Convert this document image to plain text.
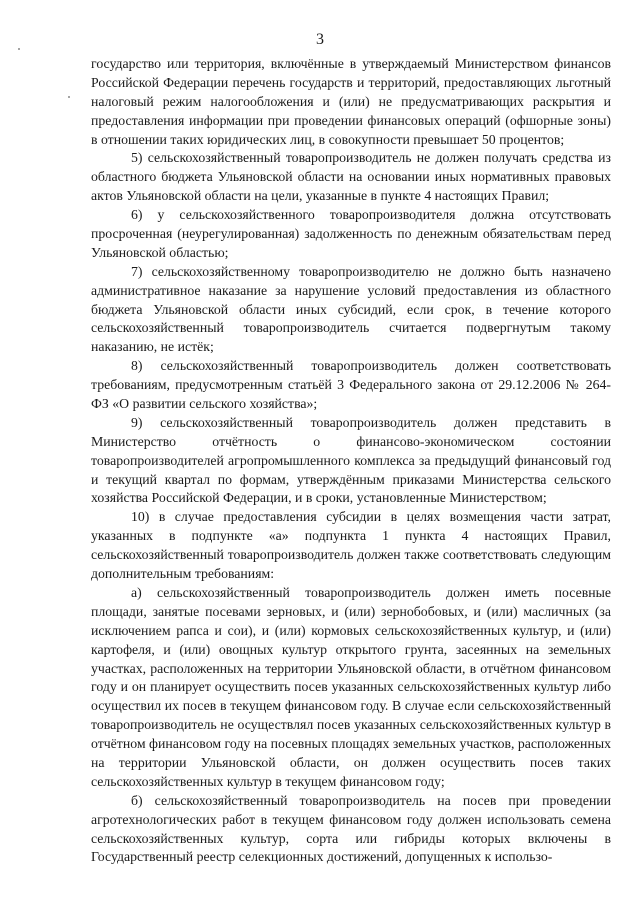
3

государство или территория, включённые в утверждаемый Министерством финансов Российской Федерации перечень государств и территорий, предоставляющих льготный налоговый режим налогообложения и (или) не предусматривающих раскрытия и предоставления информации при проведении финансовых операций (офшорные зоны) в отношении таких юридических лиц, в совокупности превышает 50 процентов;

5) сельскохозяйственный товаропроизводитель не должен получать средства из областного бюджета Ульяновской области на основании иных нормативных правовых актов Ульяновской области на цели, указанные в пункте 4 настоящих Правил;

6) у сельскохозяйственного товаропроизводителя должна отсутствовать просроченная (неурегулированная) задолженность по денежным обязательствам перед Ульяновской областью;

7) сельскохозяйственному товаропроизводителю не должно быть назначено административное наказание за нарушение условий предоставления из областного бюджета Ульяновской области иных субсидий, если срок, в течение которого сельскохозяйственный товаропроизводитель считается подвергнутым такому наказанию, не истёк;

8) сельскохозяйственный товаропроизводитель должен соответствовать требованиям, предусмотренным статьёй 3 Федерального закона от 29.12.2006 № 264-ФЗ «О развитии сельского хозяйства»;

9) сельскохозяйственный товаропроизводитель должен представить в Министерство отчётность о финансово-экономическом состоянии товаропроизводителей агропромышленного комплекса за предыдущий финансовый год и текущий квартал по формам, утверждённым приказами Министерства сельского хозяйства Российской Федерации, и в сроки, установленные Министерством;

10) в случае предоставления субсидии в целях возмещения части затрат, указанных в подпункте «а» подпункта 1 пункта 4 настоящих Правил, сельскохозяйственный товаропроизводитель должен также соответствовать следующим дополнительным требованиям:

а) сельскохозяйственный товаропроизводитель должен иметь посевные площади, занятые посевами зерновых, и (или) зернобобовых, и (или) масличных (за исключением рапса и сои), и (или) кормовых сельскохозяйственных культур, и (или) картофеля, и (или) овощных культур открытого грунта, засеянных на земельных участках, расположенных на территории Ульяновской области, в отчётном финансовом году и он планирует осуществить посев указанных сельскохозяйственных культур либо осуществил их посев в текущем финансовом году. В случае если сельскохозяйственный товаропроизводитель не осуществлял посев указанных сельскохозяйственных культур в отчётном финансовом году на посевных площадях земельных участков, расположенных на территории Ульяновской области, он должен осуществить посев таких сельскохозяйственных культур в текущем финансовом году;

б) сельскохозяйственный товаропроизводитель на посев при проведении агротехнологических работ в текущем финансовом году должен использовать семена сельскохозяйственных культур, сорта или гибриды которых включены в Государственный реестр селекционных достижений, допущенных к использо-
